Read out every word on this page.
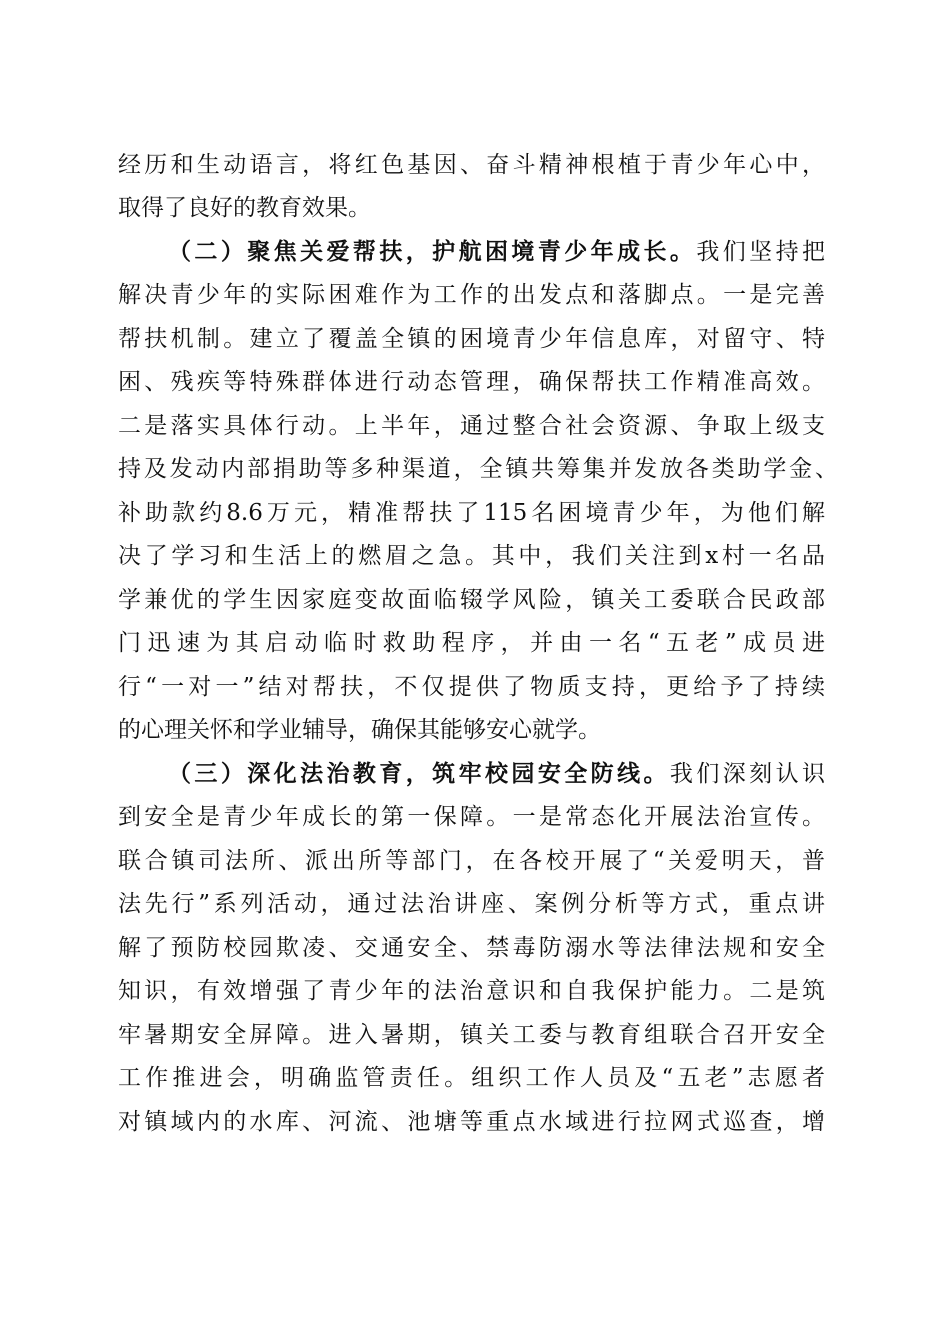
经历和生动语言，将红色基因、奋斗精神根植于青少年心中，
取得了良好的教育效果。
（二）聚焦关爱帮扶，护航困境青少年成长。我们坚持把
解决青少年的实际困难作为工作的出发点和落脚点。一是完善
帮扶机制。建立了覆盖全镇的困境青少年信息库，对留守、特
困、残疾等特殊群体进行动态管理，确保帮扶工作精准高效。
二是落实具体行动。上半年，通过整合社会资源、争取上级支
持及发动内部捐助等多种渠道，全镇共筹集并发放各类助学金、
补助款约8.6万元，精准帮扶了115名困境青少年，为他们解
决了学习和生活上的燃眉之急。其中，我们关注到x村一名品
学兼优的学生因家庭变故面临辍学风险，镇关工委联合民政部
门迅速为其启动临时救助程序，并由一名“五老”成员进
行“一对一”结对帮扶，不仅提供了物质支持，更给予了持续
的心理关怀和学业辅导，确保其能够安心就学。
（三）深化法治教育，筑牢校园安全防线。我们深刻认识
到安全是青少年成长的第一保障。一是常态化开展法治宣传。
联合镇司法所、派出所等部门，在各校开展了“关爱明天，普
法先行”系列活动，通过法治讲座、案例分析等方式，重点讲
解了预防校园欺凌、交通安全、禁毒防溺水等法律法规和安全
知识，有效增强了青少年的法治意识和自我保护能力。二是筑
牢暑期安全屏障。进入暑期，镇关工委与教育组联合召开安全
工作推进会，明确监管责任。组织工作人员及“五老”志愿者
对镇域内的水库、河流、池塘等重点水域进行拉网式巡查，增
